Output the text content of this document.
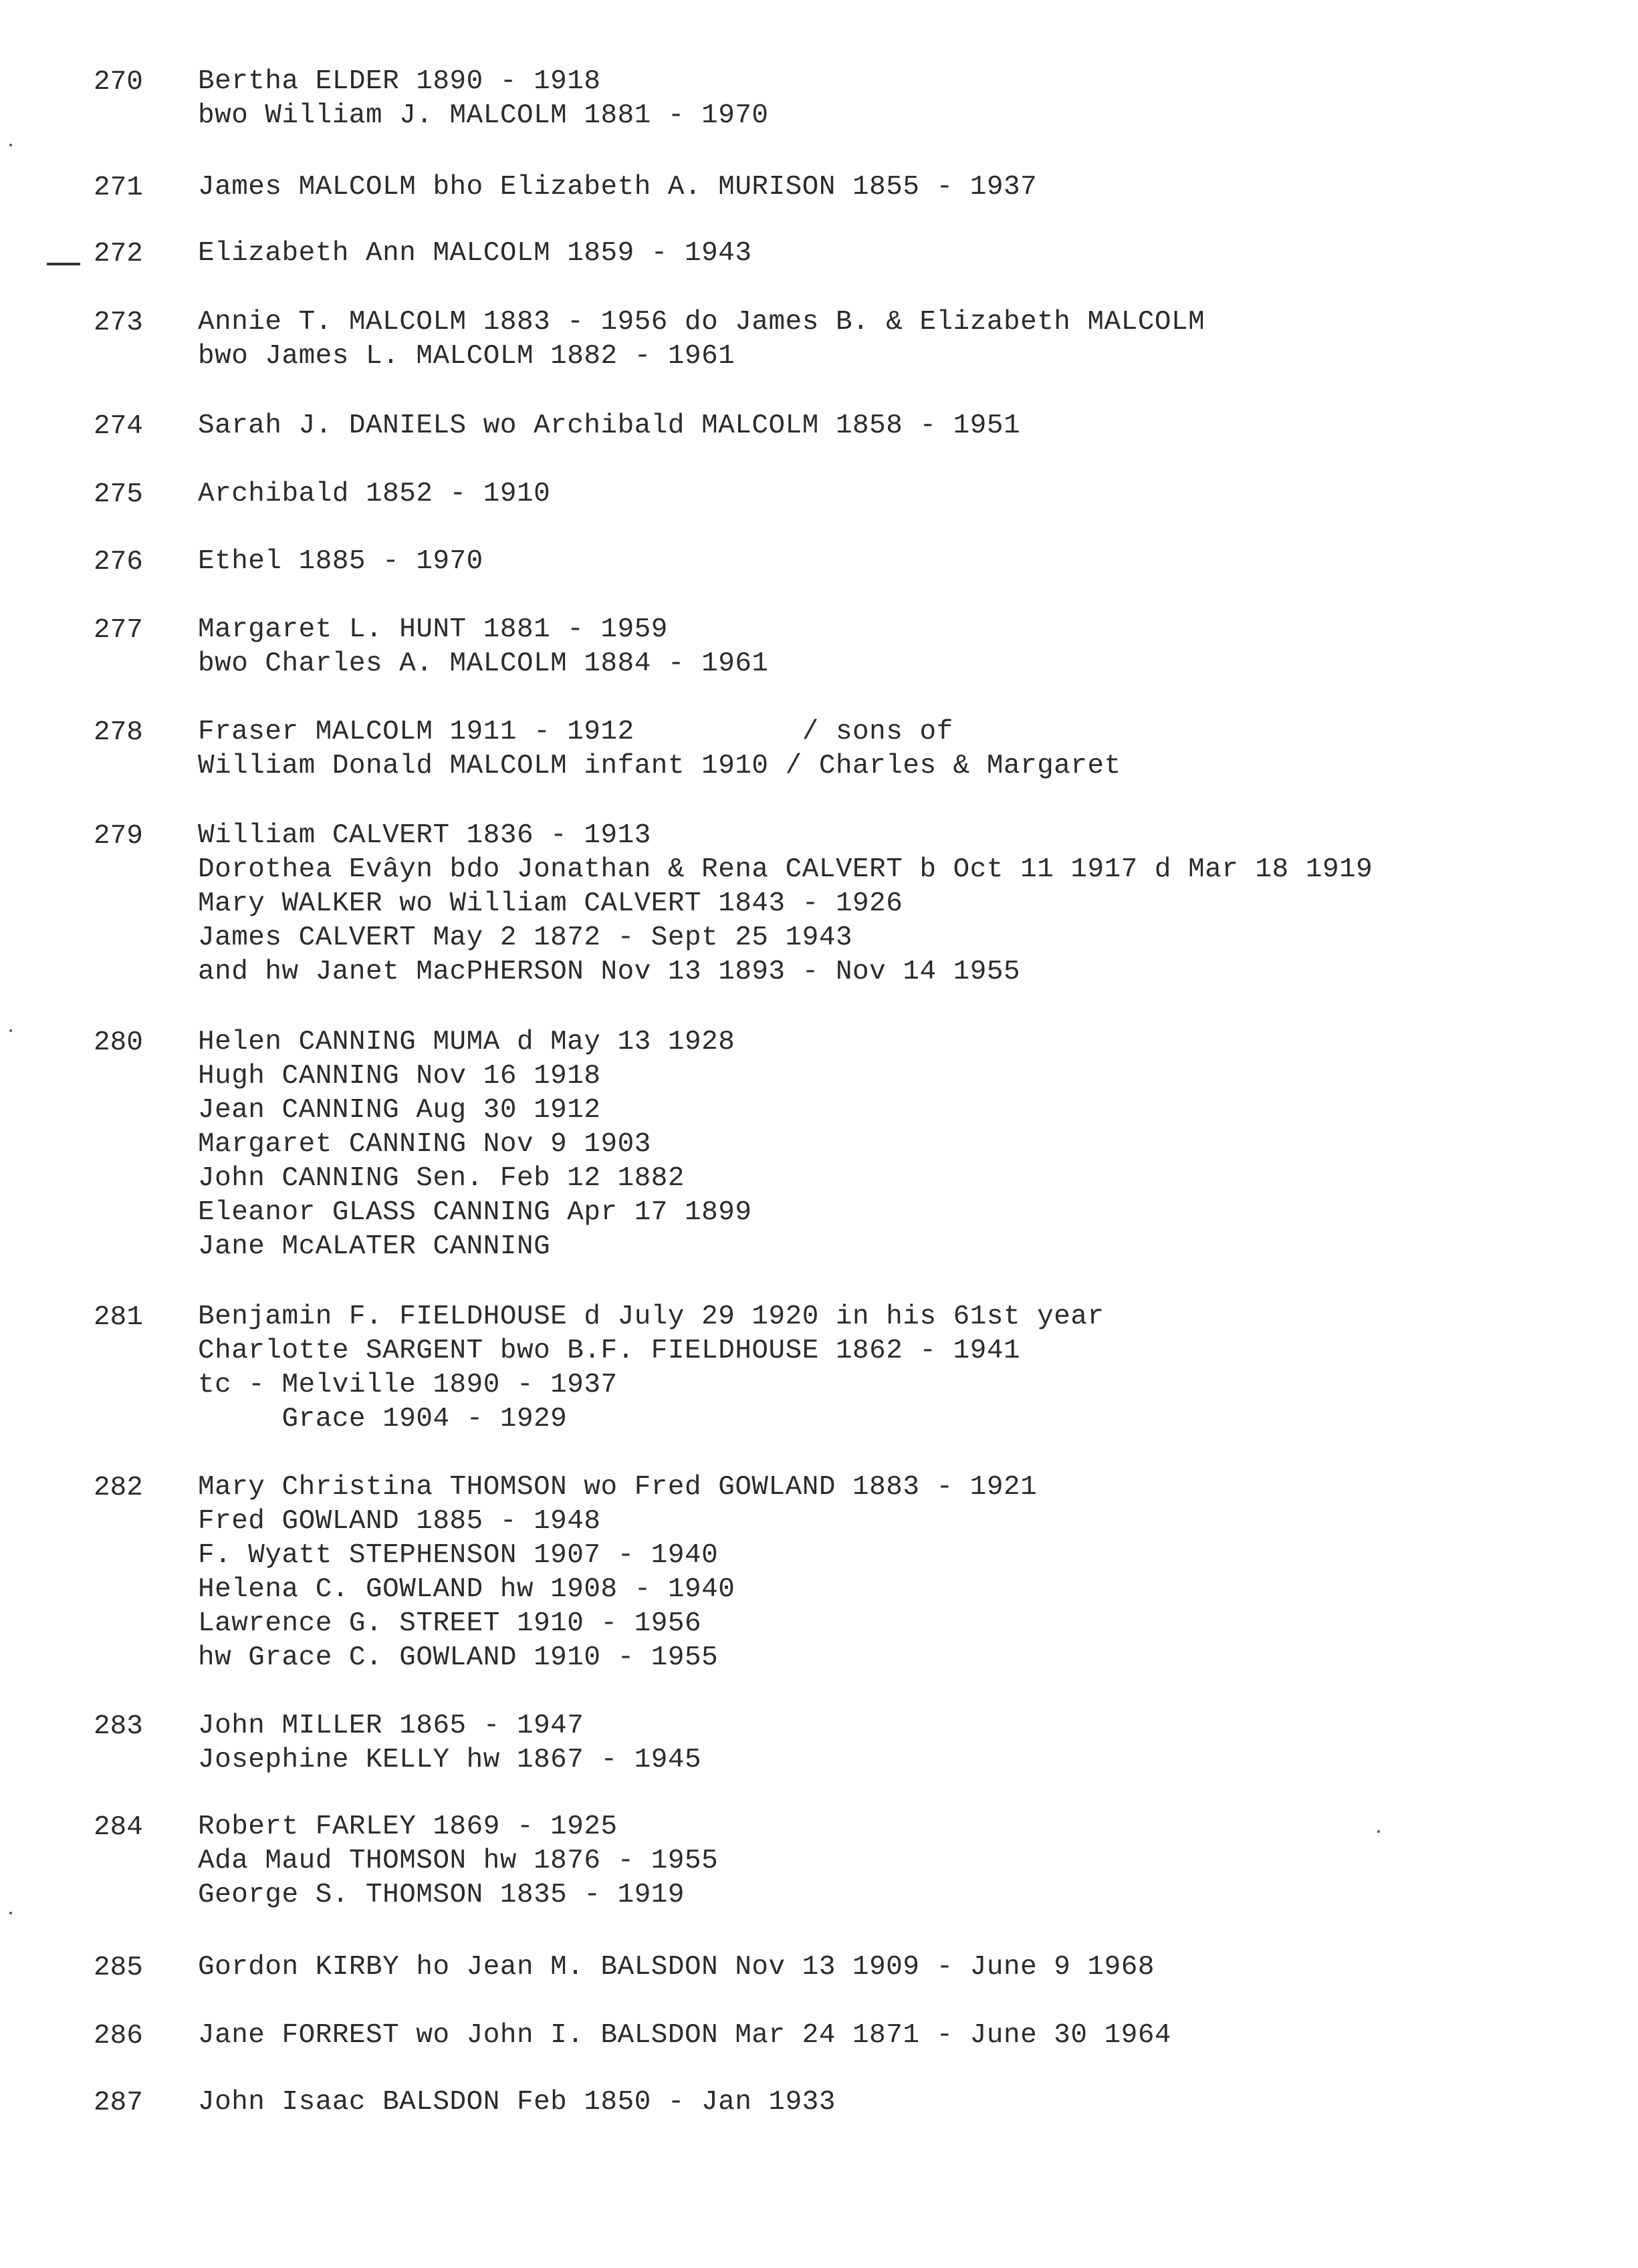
270 Bertha ELDER 1890 - 1918
bwo William J. MALCOLM 1881 - 1970
271 James MALCOLM bho Elizabeth A. MURISON 1855 - 1937
272 Elizabeth Ann MALCOLM 1859 - 1943
273 Annie T. MALCOLM 1883 - 1956 do James B. & Elizabeth MALCOLM
bwo James L. MALCOLM 1882 - 1961
274 Sarah J. DANIELS wo Archibald MALCOLM 1858 - 1951
275 Archibald 1852 - 1910
276 Ethel 1885 - 1970
277 Margaret L. HUNT 1881 - 1959
bwo Charles A. MALCOLM 1884 - 1961
278 Fraser MALCOLM 1911 - 1912          / sons of
William Donald MALCOLM infant 1910 / Charles & Margaret
279 William CALVERT 1836 - 1913
Dorothea Evâyn bdo Jonathan & Rena CALVERT b Oct 11 1917 d Mar 18 1919
Mary WALKER wo William CALVERT 1843 - 1926
James CALVERT May 2 1872 - Sept 25 1943
and hw Janet MacPHERSON Nov 13 1893 - Nov 14 1955
280 Helen CANNING MUMA d May 13 1928
Hugh CANNING Nov 16 1918
Jean CANNING Aug 30 1912
Margaret CANNING Nov 9 1903
John CANNING Sen. Feb 12 1882
Eleanor GLASS CANNING Apr 17 1899
Jane McALATER CANNING
281 Benjamin F. FIELDHOUSE d July 29 1920 in his 61st year
Charlotte SARGENT bwo B.F. FIELDHOUSE 1862 - 1941
tc - Melville 1890 - 1937
Grace 1904 - 1929
282 Mary Christina THOMSON wo Fred GOWLAND 1883 - 1921
Fred GOWLAND 1885 - 1948
F. Wyatt STEPHENSON 1907 - 1940
Helena C. GOWLAND hw 1908 - 1940
Lawrence G. STREET 1910 - 1956
hw Grace C. GOWLAND 1910 - 1955
283 John MILLER 1865 - 1947
Josephine KELLY hw 1867 - 1945
284 Robert FARLEY 1869 - 1925
Ada Maud THOMSON hw 1876 - 1955
George S. THOMSON 1835 - 1919
285 Gordon KIRBY ho Jean M. BALSDON Nov 13 1909 - June 9 1968
286 Jane FORREST wo John I. BALSDON Mar 24 1871 - June 30 1964
287 John Isaac BALSDON Feb 1850 - Jan 1933
